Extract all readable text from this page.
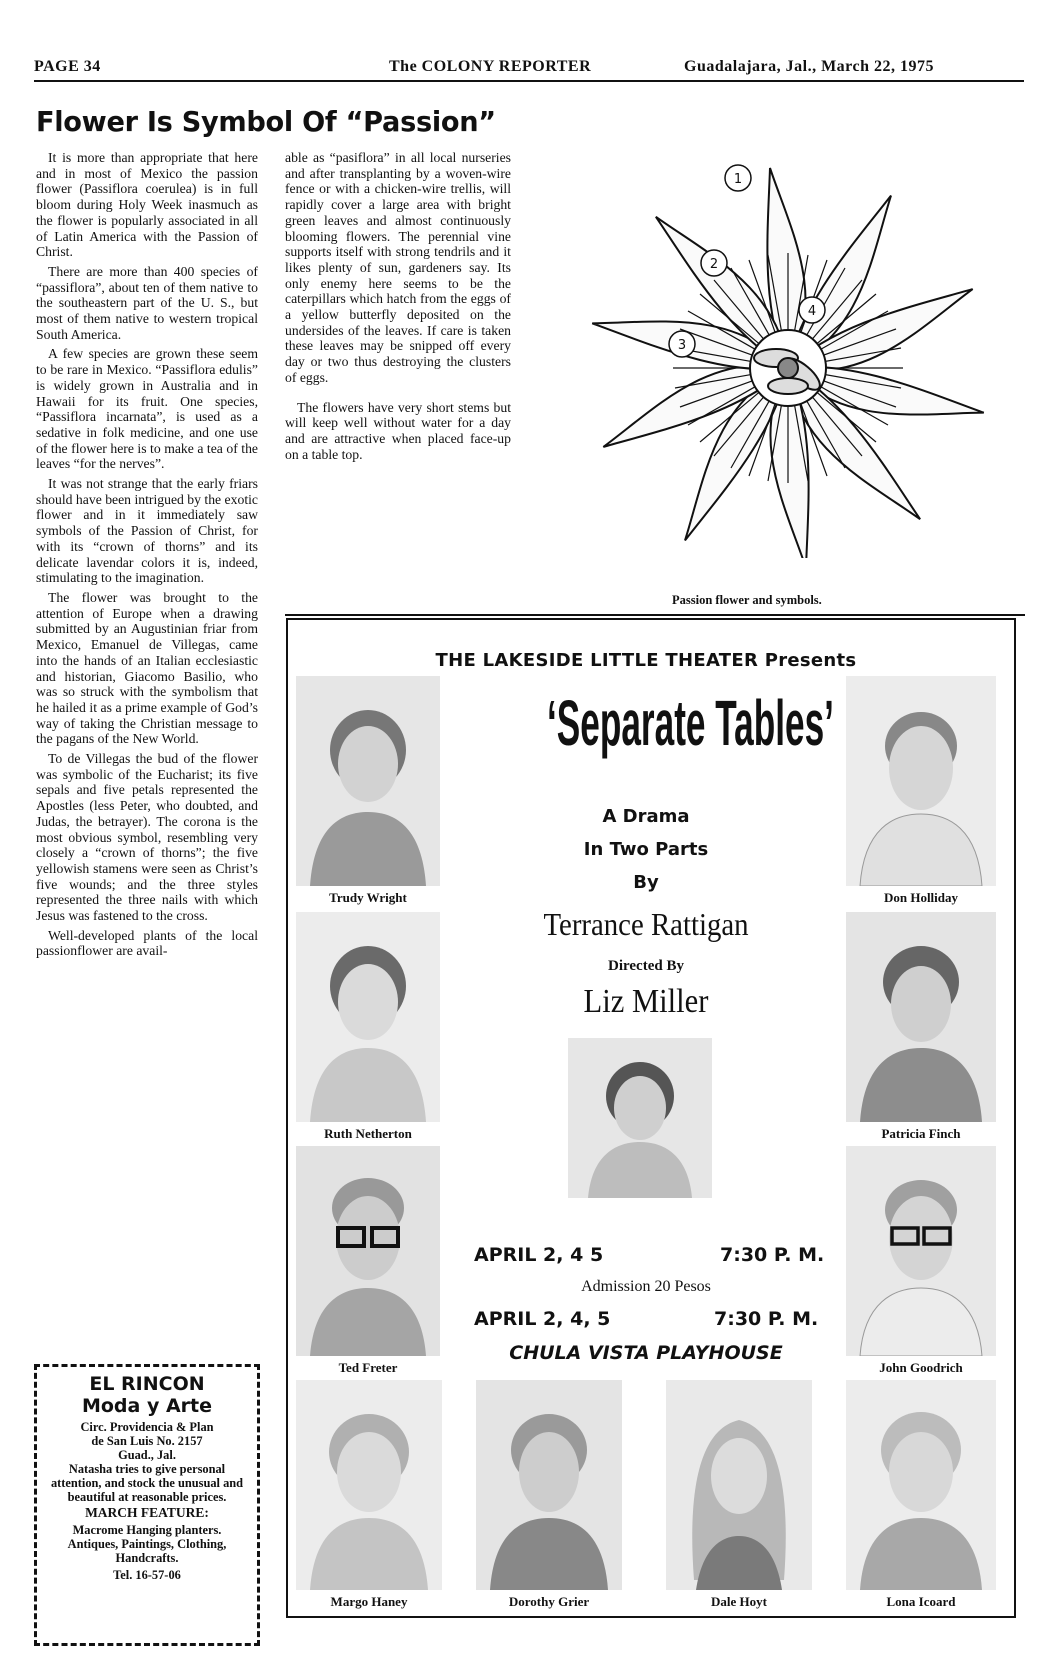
PAGE 34	The COLONY REPORTER	Guadalajara, Jal., March 22, 1975
Flower Is Symbol Of “Passion”

It is more than appropriate that here and in most of Mexico the passion flower (Passiflora coerulea) is in full bloom during Holy Week inasmuch as the flower is popularly associated in all of Latin America with the Passion of Christ.

There are more than 400 species of “passiflora”, about ten of them native to the southeastern part of the U. S., but most of them native to western tropical South America.

A few species are grown these seem to be rare in Mexico. “Passiflora edulis” is widely grown in Australia and in Hawaii for its fruit. One species, “Passiflora incarnata”, is used as a sedative in folk medicine, and one use of the flower here is to make a tea of the leaves “for the nerves”.

It was not strange that the early friars should have been intrigued by the exotic flower and in it immediately saw symbols of the Passion of Christ, for with its “crown of thorns” and its delicate lavendar colors it is, indeed, stimulating to the imagination.

The flower was brought to the attention of Europe when a drawing submitted by an Augustinian friar from Mexico, Emanuel de Villegas, came into the hands of an Italian ecclesiastic and historian, Giacomo Basilio, who was so struck with the symbolism that he hailed it as a prime example of God’s way of taking the Christian message to the pagans of the New World.

To de Villegas the bud of the flower was symbolic of the Eucharist; its five sepals and five petals represented the Apostles (less Peter, who doubted, and Judas, the betrayer). The corona is the most obvious symbol, resembling very closely a “crown of thorns”; the five yellowish stamens were seen as Christ’s five wounds; and the three styles represented the three nails with which Jesus was fastened to the cross.

Well-developed plants of the local passionflower are avail-

able as “pasiflora” in all local nurseries and after transplanting by a woven-wire fence or with a chicken-wire trellis, will rapidly cover a large area with bright green leaves and almost continuously blooming flowers. The perennial vine supports itself with strong tendrils and it likes plenty of sun, gardeners say. Its only enemy here seems to be the caterpillars which hatch from the eggs of a yellow butterfly deposited on the undersides of the leaves. If care is taken these leaves may be snipped off every day or two thus destroying the clusters of eggs.

The flowers have very short stems but will keep well without water for a day and are attractive when placed face-up on a table top.

1
2
3
4
Passion flower and symbols.
THE LAKESIDE LITTLE THEATER Presents
‘Separate Tables’
A Drama
In Two Parts
By
Terrance Rattigan
Directed By
Liz Miller
APRIL 2, 4 5	7:30 P. M.
Admission 20 Pesos
APRIL 2, 4, 5	7:30 P. M.
CHULA VISTA PLAYHOUSE
Trudy Wright
Ruth Netherton
Ted Freter
Don Holliday
Patricia Finch
John Goodrich
Margo Haney	Dorothy Grier	Dale Hoyt	Lona Icoard
EL RINCON
Moda y Arte
Circ. Providencia & Plan
de San Luis No. 2157
Guad., Jal.
Natasha tries to give personal attention, and stock the unusual and beautiful at reasonable prices.
MARCH FEATURE:
Macrome Hanging planters. Antiques, Paintings, Clothing, Handcrafts.
Tel. 16-57-06
